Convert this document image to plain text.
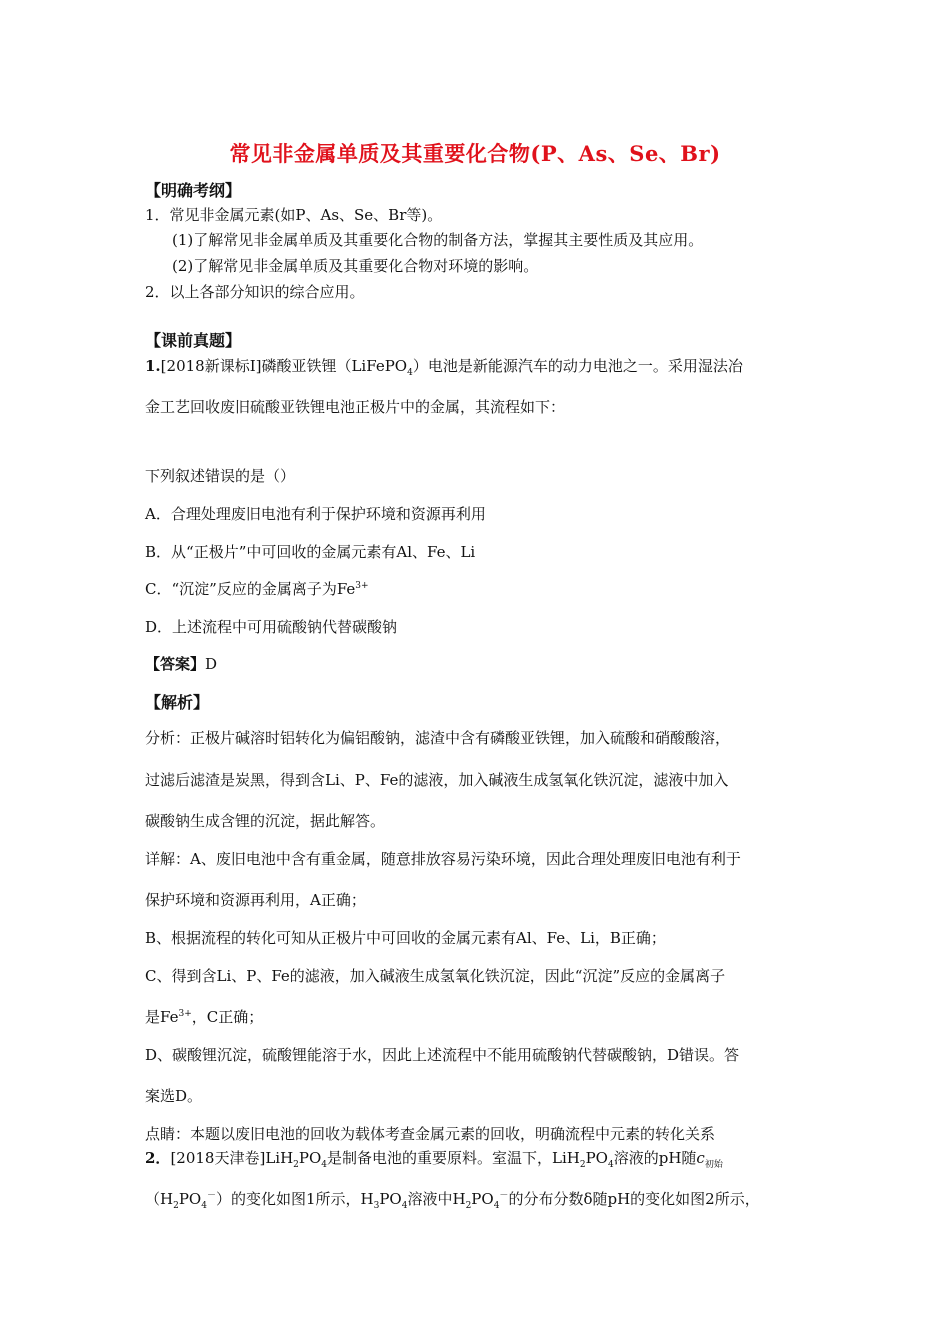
常见非金属单质及其重要化合物(P、As、Se、Br)
【明确考纲】
1．常见非金属元素(如P、As、Se、Br等)。
(1)了解常见非金属单质及其重要化合物的制备方法，掌握其主要性质及其应用。
(2)了解常见非金属单质及其重要化合物对环境的影响。
2．以上各部分知识的综合应用。
【课前真题】
1.[2018新课标Ⅰ]磷酸亚铁锂（LiFePO$_4$）电池是新能源汽车的动力电池之一。采用湿法冶
金工艺回收废旧硫酸亚铁锂电池正极片中的金属，其流程如下：
下列叙述错误的是（）
A．合理处理废旧电池有利于保护环境和资源再利用
B．从“正极片”中可回收的金属元素有Al、Fe、Li
C．“沉淀”反应的金属离子为$Fe^{3+}$
D．上述流程中可用硫酸钠代替碳酸钠
【答案】D
【解析】
分析：正极片碱溶时铝转化为偏铝酸钠，滤渣中含有磷酸亚铁锂，加入硫酸和硝酸酸溶，
过滤后滤渣是炭黑，得到含Li、P、Fe的滤液，加入碱液生成氢氧化铁沉淀，滤液中加入
碳酸钠生成含锂的沉淀，据此解答。
详解：A、废旧电池中含有重金属，随意排放容易污染环境，因此合理处理废旧电池有利于
保护环境和资源再利用，A正确；
B、根据流程的转化可知从正极片中可回收的金属元素有Al、Fe、Li，B正确；
C、得到含Li、P、Fe的滤液，加入碱液生成氢氧化铁沉淀，因此“沉淀”反应的金属离子
是$Fe^{3+}$，C正确；
D、碳酸锂沉淀，硫酸锂能溶于水，因此上述流程中不能用硫酸钠代替碳酸钠，D错误。答
案选D。
点睛：本题以废旧电池的回收为载体考查金属元素的回收，明确流程中元素的转化关系
2．[2018天津卷]$LiH_2PO_4$是制备电池的重要原料。室温下，$LiH_2PO_4$溶液的pH随$c_{初始}$
$(H_2PO_4^-)$的变化如图1所示，$H_3PO_4$溶液中$H_2PO_4^-$的分布分数δ随pH的变化如图2所示，
